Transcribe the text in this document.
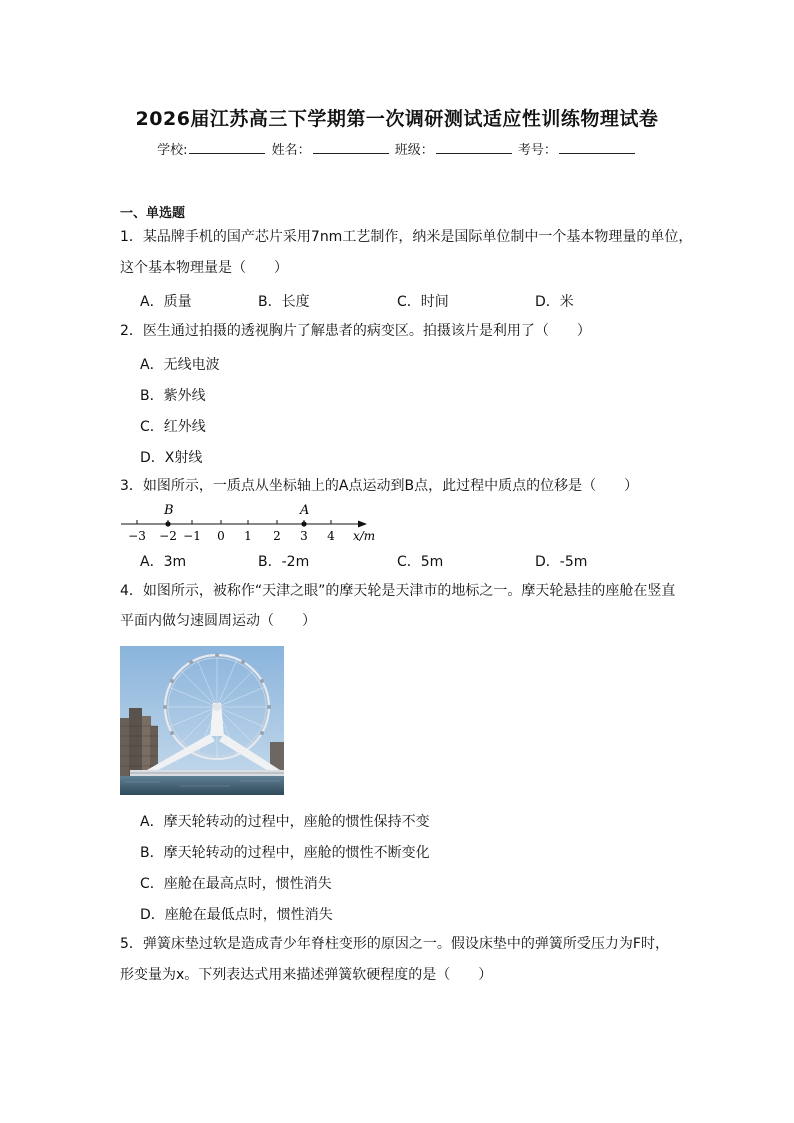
2026届江苏高三下学期第一次调研测试适应性训练物理试卷
学校:	姓名：	班级：	考号：
一、单选题
1．某品牌手机的国产芯片采用7nm工艺制作，纳米是国际单位制中一个基本物理量的单位，
这个基本物理量是（　　）
A．质量	B．长度	C．时间	D．米
2．医生通过拍摄的透视胸片了解患者的病变区。拍摄该片是利用了（　　）
A．无线电波
B．紫外线
C．红外线
D．X射线
3．如图所示，一质点从坐标轴上的A点运动到B点，此过程中质点的位移是（　　）
B	A
−3 −2 −1 0 1 2 3 4 x/m
A．3m	B．-2m	C．5m	D．-5m
4．如图所示，被称作“天津之眼”的摩天轮是天津市的地标之一。摩天轮悬挂的座舱在竖直
平面内做匀速圆周运动（　　）
A．摩天轮转动的过程中，座舱的惯性保持不变
B．摩天轮转动的过程中，座舱的惯性不断变化
C．座舱在最高点时，惯性消失
D．座舱在最低点时，惯性消失
5．弹簧床垫过软是造成青少年脊柱变形的原因之一。假设床垫中的弹簧所受压力为F时，
形变量为x。下列表达式用来描述弹簧软硬程度的是（　　）
